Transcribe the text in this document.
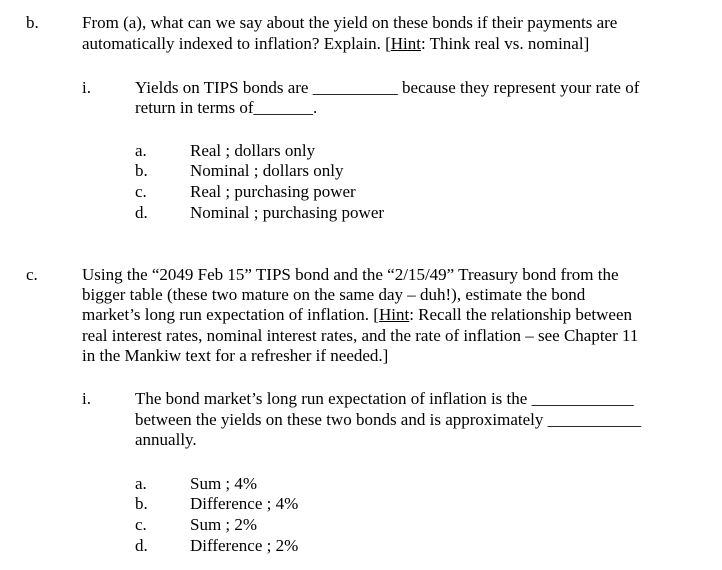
b.	From (a), what can we say about the yield on these bonds if their payments are
automatically indexed to inflation? Explain. [Hint: Think real vs. nominal]
i.	Yields on TIPS bonds are __________ because they represent your rate of
return in terms of_______.
a.	Real ; dollars only
b. Nominal ; dollars only
c.	Real ; purchasing power
d. Nominal ; purchasing power
c.	Using the “2049 Feb 15” TIPS bond and the “2/15/49” Treasury bond from the
bigger table (these two mature on the same day – duh!), estimate the bond
market’s long run expectation of inflation. [Hint: Recall the relationship between
real interest rates, nominal interest rates, and the rate of inflation – see Chapter 11
in the Mankiw text for a refresher if needed.]
i.	The bond market’s long run expectation of inflation is the ____________
between the yields on these two bonds and is approximately ___________
annually.
a.	Sum ; 4%
b. Difference ; 4%
c.	Sum ; 2%
d. Difference ; 2%
